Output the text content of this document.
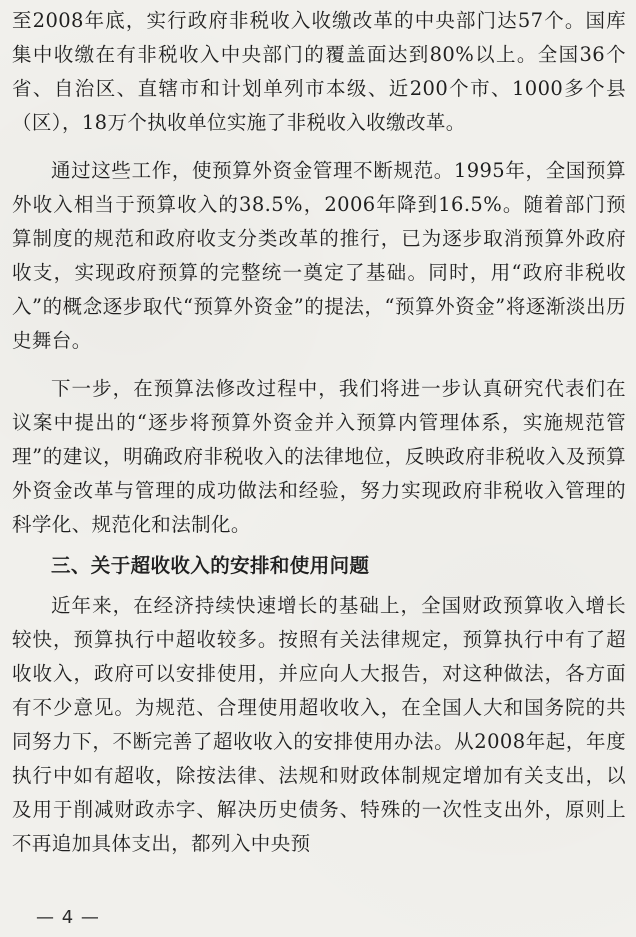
至2008年底，实行政府非税收入收缴改革的中央部门达57个。国库集中收缴在有非税收入中央部门的覆盖面达到80%以上。全国36个省、自治区、直辖市和计划单列市本级、近200个市、1000多个县（区），18万个执收单位实施了非税收入收缴改革。

通过这些工作，使预算外资金管理不断规范。1995年，全国预算外收入相当于预算收入的38.5%，2006年降到16.5%。随着部门预算制度的规范和政府收支分类改革的推行，已为逐步取消预算外政府收支，实现政府预算的完整统一奠定了基础。同时，用“政府非税收入”的概念逐步取代“预算外资金”的提法，“预算外资金”将逐渐淡出历史舞台。

下一步，在预算法修改过程中，我们将进一步认真研究代表们在议案中提出的“逐步将预算外资金并入预算内管理体系，实施规范管理”的建议，明确政府非税收入的法律地位，反映政府非税收入及预算外资金改革与管理的成功做法和经验，努力实现政府非税收入管理的科学化、规范化和法制化。

三、关于超收收入的安排和使用问题

近年来，在经济持续快速增长的基础上，全国财政预算收入增长较快，预算执行中超收较多。按照有关法律规定，预算执行中有了超收收入，政府可以安排使用，并应向人大报告，对这种做法，各方面有不少意见。为规范、合理使用超收收入，在全国人大和国务院的共同努力下，不断完善了超收收入的安排使用办法。从2008年起，年度执行中如有超收，除按法律、法规和财政体制规定增加有关支出，以及用于削减财政赤字、解决历史债务、特殊的一次性支出外，原则上不再追加具体支出，都列入中央预

— 4 —
